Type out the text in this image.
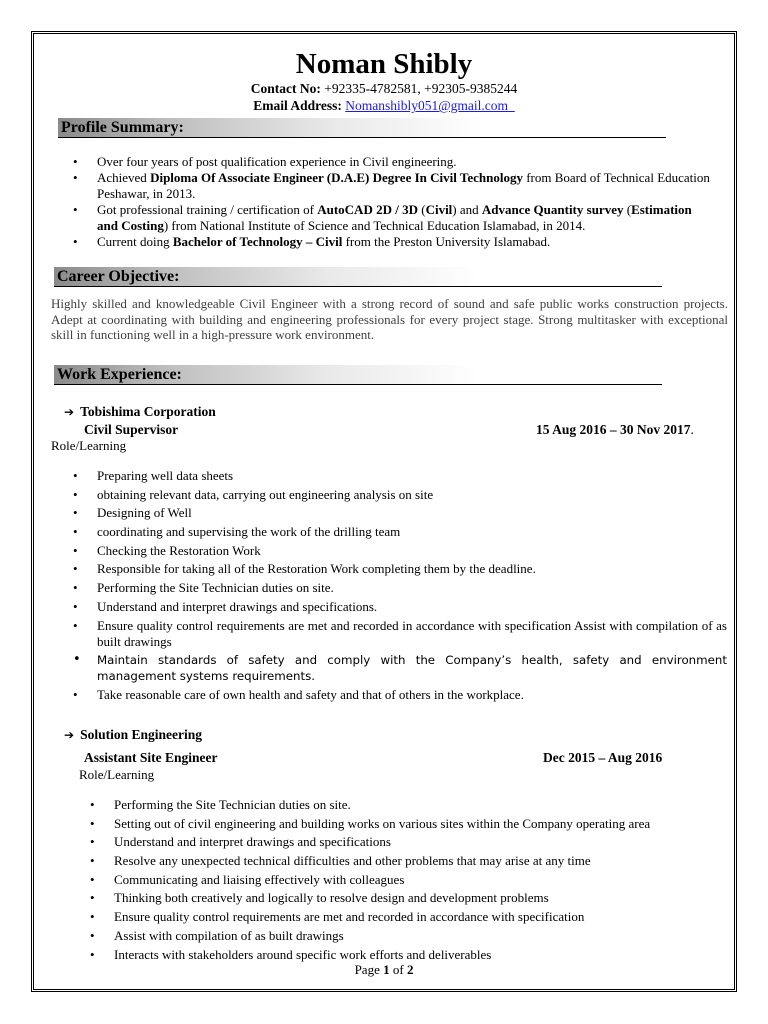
Noman Shibly
Contact No: +92335-4782581, +92305-9385244
Email Address: Nomanshibly051@gmail.com
Profile Summary:
• Over four years of post qualification experience in Civil engineering.
• Achieved Diploma Of Associate Engineer (D.A.E) Degree In Civil Technology from Board of Technical Education Peshawar, in 2013.
• Got professional training / certification of AutoCAD 2D / 3D (Civil) and Advance Quantity survey (Estimation and Costing) from National Institute of Science and Technical Education Islamabad, in 2014.
• Current doing Bachelor of Technology – Civil from the Preston University Islamabad.
Career Objective:
Highly skilled and knowledgeable Civil Engineer with a strong record of sound and safe public works construction projects. Adept at coordinating with building and engineering professionals for every project stage. Strong multitasker with exceptional skill in functioning well in a high-pressure work environment.
Work Experience:
➔ Tobishima Corporation
Civil Supervisor	15 Aug 2016 – 30 Nov 2017.
Role/Learning
• Preparing well data sheets
• obtaining relevant data, carrying out engineering analysis on site
• Designing of Well
• coordinating and supervising the work of the drilling team
• Checking the Restoration Work
• Responsible for taking all of the Restoration Work completing them by the deadline.
• Performing the Site Technician duties on site.
• Understand and interpret drawings and specifications.
• Ensure quality control requirements are met and recorded in accordance with specification Assist with compilation of as built drawings
• Maintain standards of safety and comply with the Company’s health, safety and environment management systems requirements.
• Take reasonable care of own health and safety and that of others in the workplace.
➔ Solution Engineering
Assistant Site Engineer	Dec 2015 – Aug 2016
Role/Learning
• Performing the Site Technician duties on site.
• Setting out of civil engineering and building works on various sites within the Company operating area
• Understand and interpret drawings and specifications
• Resolve any unexpected technical difficulties and other problems that may arise at any time
• Communicating and liaising effectively with colleagues
• Thinking both creatively and logically to resolve design and development problems
• Ensure quality control requirements are met and recorded in accordance with specification
• Assist with compilation of as built drawings
• Interacts with stakeholders around specific work efforts and deliverables
Page 1 of 2
